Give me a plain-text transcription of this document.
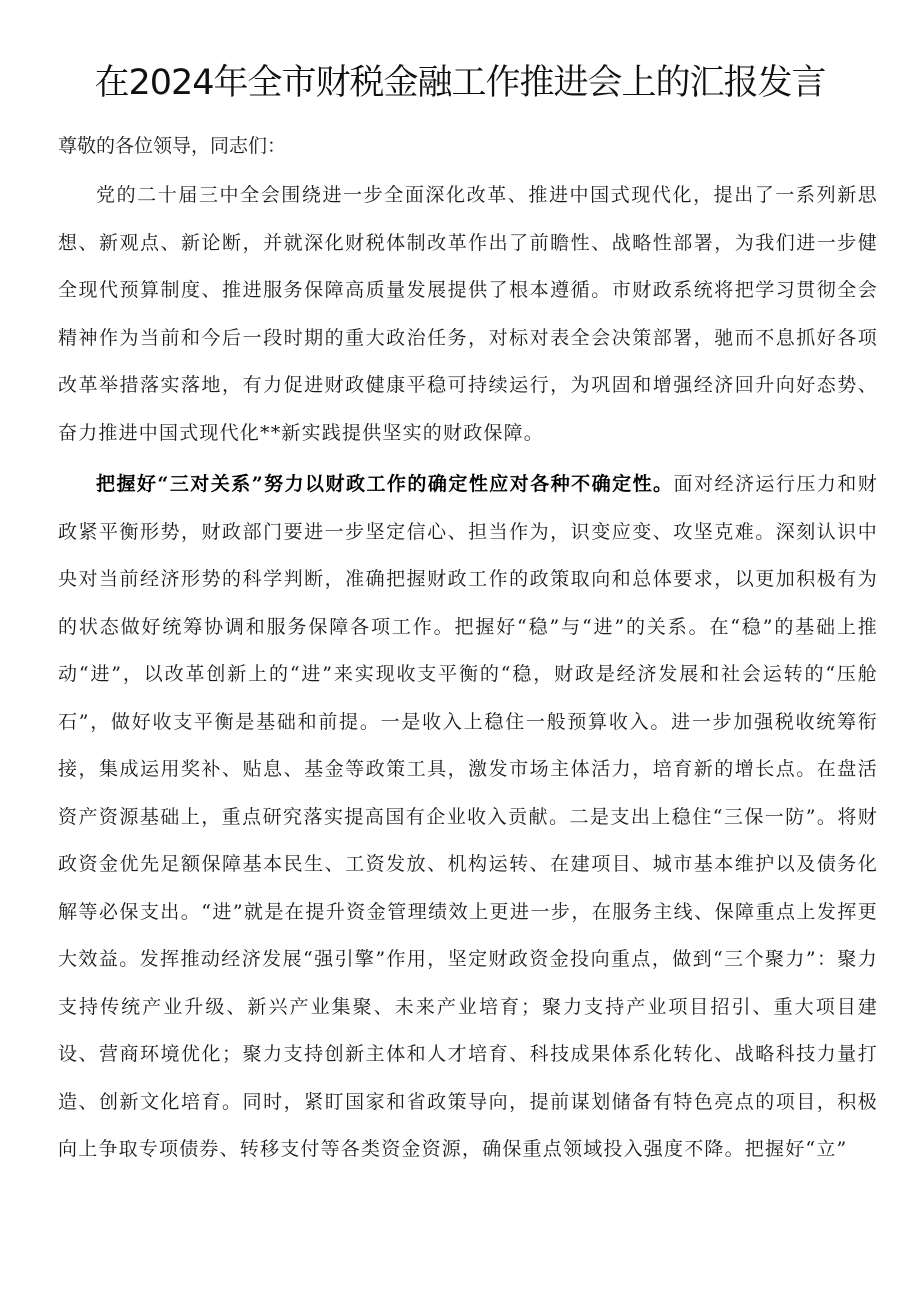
在2024年全市财税金融工作推进会上的汇报发言

尊敬的各位领导，同志们：

党的二十届三中全会围绕进一步全面深化改革、推进中国式现代化，提出了一系列新思想、新观点、新论断，并就深化财税体制改革作出了前瞻性、战略性部署，为我们进一步健全现代预算制度、推进服务保障高质量发展提供了根本遵循。市财政系统将把学习贯彻全会精神作为当前和今后一段时期的重大政治任务，对标对表全会决策部署，驰而不息抓好各项改革举措落实落地，有力促进财政健康平稳可持续运行，为巩固和增强经济回升向好态势、奋力推进中国式现代化**新实践提供坚实的财政保障。

把握好“三对关系”努力以财政工作的确定性应对各种不确定性。面对经济运行压力和财政紧平衡形势，财政部门要进一步坚定信心、担当作为，识变应变、攻坚克难。深刻认识中央对当前经济形势的科学判断，准确把握财政工作的政策取向和总体要求，以更加积极有为的状态做好统筹协调和服务保障各项工作。把握好“稳”与“进”的关系。在“稳”的基础上推动“进”，以改革创新上的“进”来实现收支平衡的“稳，财政是经济发展和社会运转的“压舱石”，做好收支平衡是基础和前提。一是收入上稳住一般预算收入。进一步加强税收统筹衔接，集成运用奖补、贴息、基金等政策工具，激发市场主体活力，培育新的增长点。在盘活资产资源基础上，重点研究落实提高国有企业收入贡献。二是支出上稳住“三保一防”。将财政资金优先足额保障基本民生、工资发放、机构运转、在建项目、城市基本维护以及债务化解等必保支出。“进”就是在提升资金管理绩效上更进一步，在服务主线、保障重点上发挥更大效益。发挥推动经济发展“强引擎”作用，坚定财政资金投向重点，做到“三个聚力”：聚力支持传统产业升级、新兴产业集聚、未来产业培育；聚力支持产业项目招引、重大项目建设、营商环境优化；聚力支持创新主体和人才培育、科技成果体系化转化、战略科技力量打造、创新文化培育。同时，紧盯国家和省政策导向，提前谋划储备有特色亮点的项目，积极向上争取专项债券、转移支付等各类资金资源，确保重点领域投入强度不降。把握好“立”
